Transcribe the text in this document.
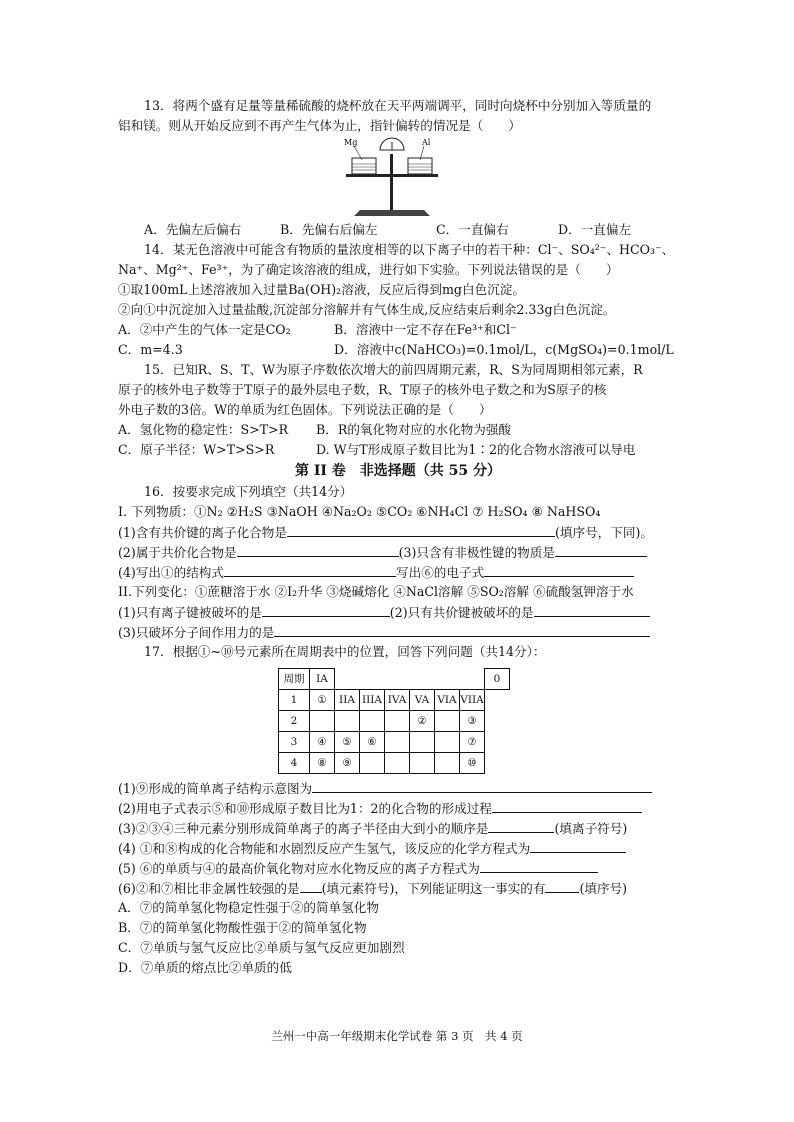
13．将两个盛有足量等量稀硫酸的烧杯放在天平两端调平，同时向烧杯中分别加入等质量的
铝和镁。则从开始反应到不再产生气体为止，指针偏转的情况是（　　）
Mg	Al
A．先偏左后偏右	B．先偏右后偏左	C．一直偏右	D．一直偏左
14．某无色溶液中可能含有物质的量浓度相等的以下离子中的若干种：Cl⁻、SO₄²⁻、HCO₃⁻、
Na⁺、Mg²⁺、Fe³⁺，为了确定该溶液的组成，进行如下实验。下列说法错误的是（　　）
①取100mL上述溶液加入过量Ba(OH)₂溶液，反应后得到mg白色沉淀。
②向①中沉淀加入过量盐酸,沉淀部分溶解并有气体生成,反应结束后剩余2.33g白色沉淀。
A．②中产生的气体一定是CO₂	B．溶液中一定不存在Fe³⁺和Cl⁻
C．m=4.3	D．溶液中c(NaHCO₃)=0.1mol/L，c(MgSO₄)=0.1mol/L
15．已知R、S、T、W为原子序数依次增大的前四周期元素，R、S为同周期相邻元素，R
原子的核外电子数等于T原子的最外层电子数，R、T原子的核外电子数之和为S原子的核
外电子数的3倍。W的单质为红色固体。下列说法正确的是（　　）
A．氢化物的稳定性：S>T>R B．R的氧化物对应的水化物为强酸
C．原子半径：W>T>S>R	D. W与T形成原子数目比为1∶2的化合物水溶液可以导电
第 II 卷　非选择题（共 55 分）
16．按要求完成下列填空（共14分）
I. 下列物质：①N₂ ②H₂S ③NaOH ④Na₂O₂ ⑤CO₂ ⑥NH₄Cl ⑦ H₂SO₄ ⑧ NaHSO₄
(1)含有共价键的离子化合物是	(填序号，下同)。
(2)属于共价化合物是	(3)只含有非极性键的物质是
(4)写出①的结构式	写出⑥的电子式
II.下列变化：①蔗糖溶于水 ②I₂升华 ③烧碱熔化 ④NaCl溶解 ⑤SO₂溶解 ⑥硫酸氢钾溶于水
(1)只有离子键被破坏的是	(2)只有共价键被破坏的是
(3)只破坏分子间作用力的是
17．根据①~⑩号元素所在周期表中的位置，回答下列问题（共14分）：
周期	IA							0
1	①	IIA	IIIA	IVA	VA	VIA	VIIA	
2					②		③	
3	④	⑤	⑥				⑦	
4	⑧	⑨					⑩	
(1)⑨形成的简单离子结构示意图为
(2)用电子式表示⑤和⑩形成原子数目比为1：2的化合物的形成过程
(3)②③④三种元素分别形成简单离子的离子半径由大到小的顺序是	(填离子符号)
(4) ①和⑧构成的化合物能和水剧烈反应产生氢气，该反应的化学方程式为
(5) ⑥的单质与④的最高价氧化物对应水化物反应的离子方程式为
(6)②和⑦相比非金属性较强的是 (填元素符号)，下列能证明这一事实的有	(填序号)
A．⑦的简单氢化物稳定性强于②的简单氢化物
B．⑦的简单氢化物酸性强于②的简单氢化物
C．⑦单质与氢气反应比②单质与氢气反应更加剧烈
D．⑦单质的熔点比②单质的低
兰州一中高一年级期末化学试卷 第 3 页　共 4 页
